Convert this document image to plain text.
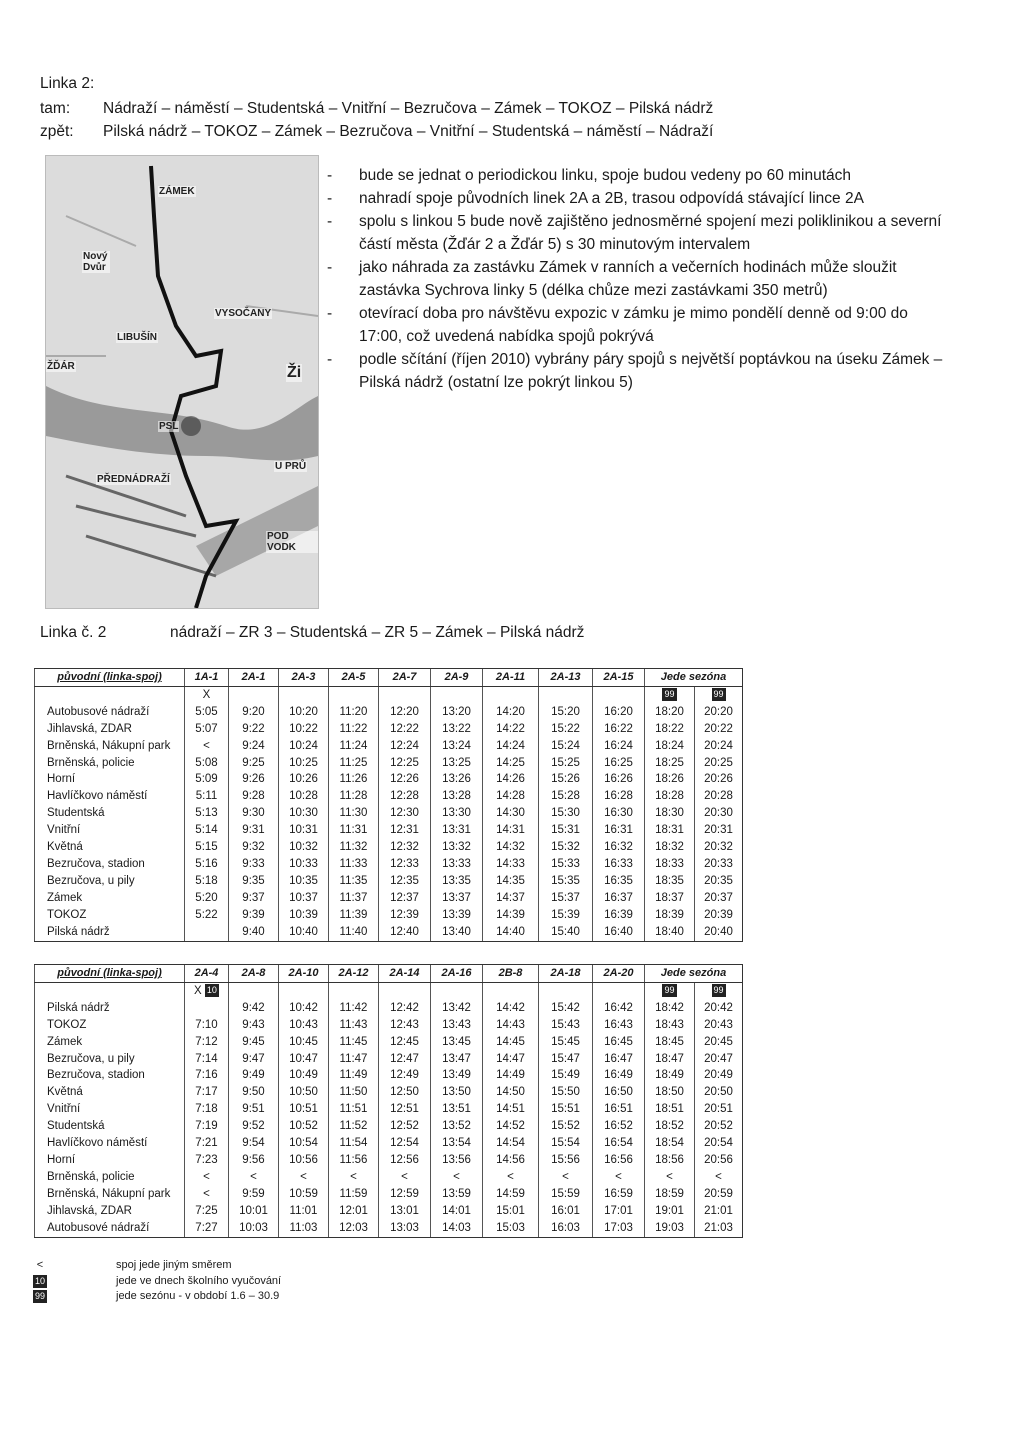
Linka 2:
tam: Nádraží – náměstí – Studentská – Vnitřní – Bezručova – Zámek – TOKOZ – Pilská nádrž
zpět: Pilská nádrž – TOKOZ – Zámek – Bezručova – Vnitřní – Studentská – náměstí – Nádraží
ZÁMEK
Nový Dvůr
VYSOČANY
LIBUŠÍN
ŽĎÁR	Ži
PSL
U PRŮ
PŘEDNÁDRAŽÍ
POD VODK
-	bude se jednat o periodickou linku, spoje budou vedeny po 60 minutách
-	nahradí spoje původních linek 2A a 2B, trasou odpovídá stávající lince 2A
-	spolu s linkou 5 bude nově zajištěno jednosměrné spojení mezi poliklinikou a severní částí města (Žďár 2 a Žďár 5) s 30 minutovým intervalem
-	jako náhrada za zastávku Zámek v ranních a večerních hodinách může sloužit zastávka Sychrova linky 5 (délka chůze mezi zastávkami 350 metrů)
-	otevírací doba pro návštěvu expozic v zámku je mimo pondělí denně od 9:00 do 17:00, což uvedená nabídka spojů pokrývá
-	podle sčítání (říjen 2010) vybrány páry spojů s největší poptávkou na úseku Zámek – Pilská nádrž (ostatní lze pokrýt linkou 5)
Linka č. 2	nádraží – ZR 3 – Studentská – ZR 5 – Zámek – Pilská nádrž
původní (linka-spoj)	1A-1	2A-1	2A-3	2A-5	2A-7	2A-9	2A-11	2A-13	2A-15	Jede sezóna	
	X									99	99
Autobusové nádraží	5:05	9:20	10:20	11:20	12:20	13:20	14:20	15:20	16:20	18:20	20:20
Jihlavská, ZDAR	5:07	9:22	10:22	11:22	12:22	13:22	14:22	15:22	16:22	18:22	20:22
Brněnská, Nákupní park	<	9:24	10:24	11:24	12:24	13:24	14:24	15:24	16:24	18:24	20:24
Brněnská, policie	5:08	9:25	10:25	11:25	12:25	13:25	14:25	15:25	16:25	18:25	20:25
Horní	5:09	9:26	10:26	11:26	12:26	13:26	14:26	15:26	16:26	18:26	20:26
Havlíčkovo náměstí	5:11	9:28	10:28	11:28	12:28	13:28	14:28	15:28	16:28	18:28	20:28
Studentská	5:13	9:30	10:30	11:30	12:30	13:30	14:30	15:30	16:30	18:30	20:30
Vnitřní	5:14	9:31	10:31	11:31	12:31	13:31	14:31	15:31	16:31	18:31	20:31
Květná	5:15	9:32	10:32	11:32	12:32	13:32	14:32	15:32	16:32	18:32	20:32
Bezručova, stadion	5:16	9:33	10:33	11:33	12:33	13:33	14:33	15:33	16:33	18:33	20:33
Bezručova, u pily	5:18	9:35	10:35	11:35	12:35	13:35	14:35	15:35	16:35	18:35	20:35
Zámek	5:20	9:37	10:37	11:37	12:37	13:37	14:37	15:37	16:37	18:37	20:37
TOKOZ	5:22	9:39	10:39	11:39	12:39	13:39	14:39	15:39	16:39	18:39	20:39
Pilská nádrž		9:40	10:40	11:40	12:40	13:40	14:40	15:40	16:40	18:40	20:40
původní (linka-spoj)	2A-4	2A-8	2A-10	2A-12	2A-14	2A-16	2B-8	2A-18	2A-20	Jede sezóna	
	X 10									99	99
Pilská nádrž		9:42	10:42	11:42	12:42	13:42	14:42	15:42	16:42	18:42	20:42
TOKOZ	7:10	9:43	10:43	11:43	12:43	13:43	14:43	15:43	16:43	18:43	20:43
Zámek	7:12	9:45	10:45	11:45	12:45	13:45	14:45	15:45	16:45	18:45	20:45
Bezručova, u pily	7:14	9:47	10:47	11:47	12:47	13:47	14:47	15:47	16:47	18:47	20:47
Bezručova, stadion	7:16	9:49	10:49	11:49	12:49	13:49	14:49	15:49	16:49	18:49	20:49
Květná	7:17	9:50	10:50	11:50	12:50	13:50	14:50	15:50	16:50	18:50	20:50
Vnitřní	7:18	9:51	10:51	11:51	12:51	13:51	14:51	15:51	16:51	18:51	20:51
Studentská	7:19	9:52	10:52	11:52	12:52	13:52	14:52	15:52	16:52	18:52	20:52
Havlíčkovo náměstí	7:21	9:54	10:54	11:54	12:54	13:54	14:54	15:54	16:54	18:54	20:54
Horní	7:23	9:56	10:56	11:56	12:56	13:56	14:56	15:56	16:56	18:56	20:56
Brněnská, policie	<	<	<	<	<	<	<	<	<	<	<
Brněnská, Nákupní park	<	9:59	10:59	11:59	12:59	13:59	14:59	15:59	16:59	18:59	20:59
Jihlavská, ZDAR	7:25	10:01	11:01	12:01	13:01	14:01	15:01	16:01	17:01	19:01	21:01
Autobusové nádraží	7:27	10:03	11:03	12:03	13:03	14:03	15:03	16:03	17:03	19:03	21:03
<	spoj jede jiným směrem
10	jede ve dnech školního vyučování
99	jede sezónu - v období 1.6 – 30.9
